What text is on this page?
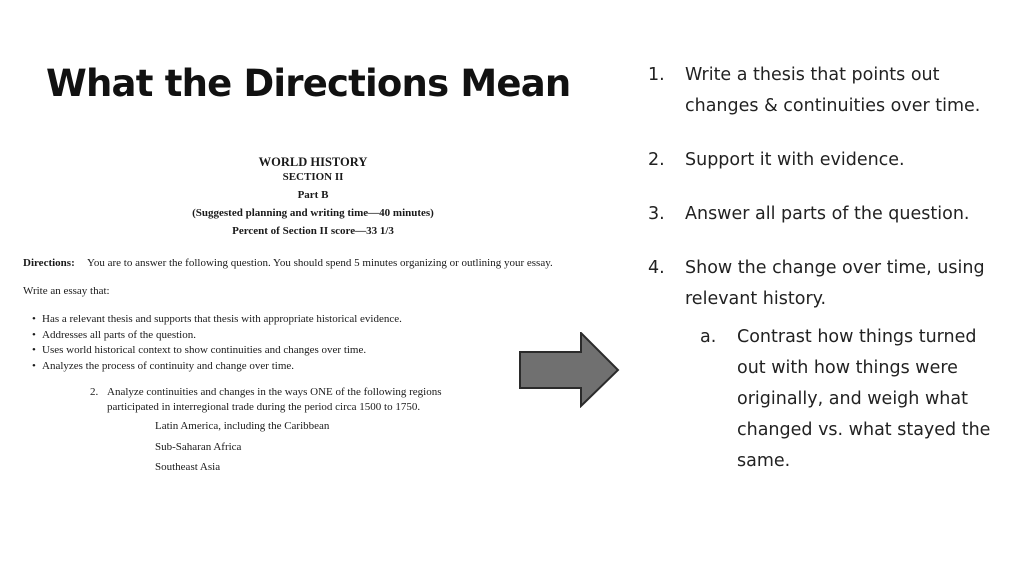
What the Directions Mean
WORLD HISTORY
SECTION II
Part B
(Suggested planning and writing time—40 minutes)
Percent of Section II score—33 1/3
Directions: You are to answer the following question. You should spend 5 minutes organizing or outlining your essay.
Write an essay that:
• Has a relevant thesis and supports that thesis with appropriate historical evidence.
• Addresses all parts of the question.
• Uses world historical context to show continuities and changes over time.
• Analyzes the process of continuity and change over time.
2. Analyze continuities and changes in the ways ONE of the following regions
participated in interregional trade during the period circa 1500 to 1750.
Latin America, including the Caribbean
Sub-Saharan Africa
Southeast Asia
1. Write a thesis that points out changes & continuities over time.
2. Support it with evidence.
3. Answer all parts of the question.
4. Show the change over time, using relevant history.
a. Contrast how things turned out with how things were originally, and weigh what changed vs. what stayed the same.
